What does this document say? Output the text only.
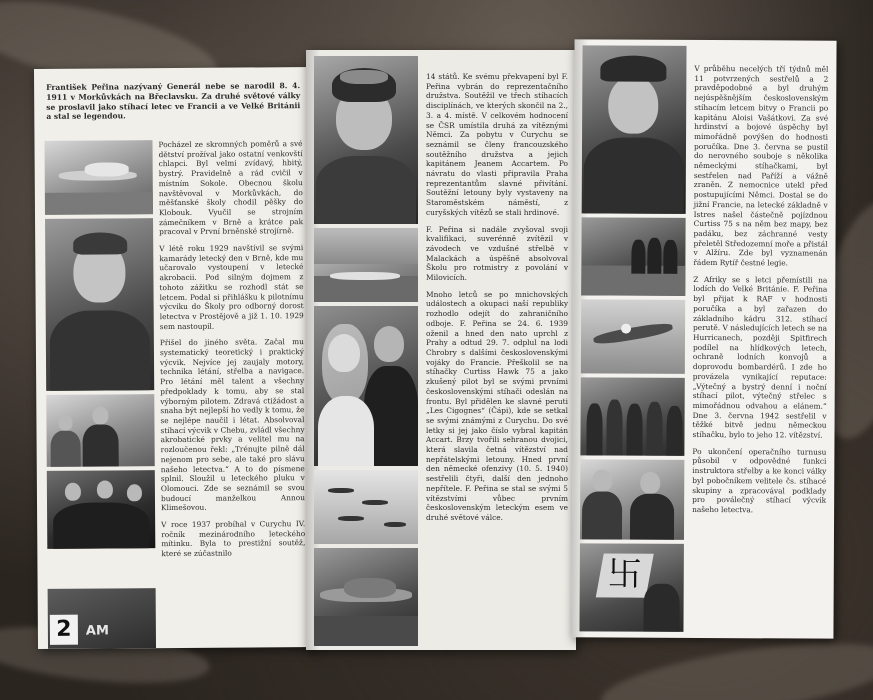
František Peřina nazývaný Generál nebe se narodil 8. 4. 1911 v Morkůvkách na Břeclavsku. Za druhé světové války se proslavil jako stíhací letec ve Francii a ve Velké Británii a stal se legendou.
2	AM

Pocházel ze skromných poměrů a své dětství prožíval jako ostatní venkovští chlapci. Byl velmi zvídavý, hbitý, bystrý. Pravidelně a rád cvičil v místním Sokole. Obecnou školu navštěvoval v Morkůvkách, do měšťanské školy chodil pěšky do Klobouk. Vyučil se strojním zámečníkem v Brně a krátce pak pracoval v První brněnské strojírně.

V létě roku 1929 navštívil se svými kamarády letecký den v Brně, kde mu učarovalo vystoupení v letecké akrobacii. Pod silným dojmem z tohoto zážitku se rozhodl stát se letcem. Podal si přihlášku k pilotnímu výcviku do Školy pro odborný dorost letectva v Prostějově a již 1. 10. 1929 sem nastoupil.

Přišel do jiného světa. Začal mu systematický teoretický i praktický výcvik. Nejvíce jej zaujaly motory, technika létání, střelba a navigace. Pro létání měl talent a všechny předpoklady k tomu, aby se stal výborným pilotem. Zdravá ctižádost a snaha být nejlepší ho vedly k tomu, že se nejlépe naučil i létat. Absolvoval stíhací výcvik v Chebu, zvládl všechny akrobatické prvky a velitel mu na rozloučenou řekl: „Trénujte pilně dál nejenom pro sebe, ale také pro slávu našeho letectva.“ A to do písmene splnil. Sloužil u leteckého pluku v Olomouci. Zde se seznámil se svou budoucí manželkou Annou Klimešovou.

V roce 1937 probíhal v Curychu IV. ročník mezinárodního leteckého mítinku. Byla to prestižní soutěž, které se zúčastnilo

14 států. Ke svému překvapení byl F. Peřina vybrán do reprezentačního družstva. Soutěžil ve třech stíhacích disciplínách, ve kterých skončil na 2., 3. a 4. místě. V celkovém hodnocení se ČSR umístila druhá za vítěznými Němci. Za pobytu v Curychu se seznámil se členy francouzského soutěžního družstva a jejich kapitánem Jeanem Accartem. Po návratu do vlasti připravila Praha reprezentantům slavné přivítání. Soutěžní letouny byly vystaveny na Staroměstském náměstí, z curyšských vítězů se stali hrdinové.

F. Peřina si nadále zvyšoval svoji kvalifikaci, suverénně zvítězil v závodech ve vzdušné střelbě v Malackách a úspěšně absolvoval Školu pro rotmistry z povolání v Milovicích.

Mnoho letců se po mnichovských událostech a okupaci naší republiky rozhodlo odejít do zahraničního odboje. F. Peřina se 24. 6. 1939 oženil a hned den nato uprchl z Prahy a odtud 29. 7. odplul na lodi Chrobry s dalšími československými vojáky do Francie. Přeškolil se na stíhačky Curtiss Hawk 75 a jako zkušený pilot byl se svými prvními československými stíhači odeslán na frontu. Byl přidělen ke slavné peruti „Les Cigognes“ (Čápi), kde se setkal se svými známými z Curychu. Do své letky si jej jako číslo vybral kapitán Accart. Brzy tvořili sehranou dvojici, která slavila četná vítězství nad nepřátelskými letouny. Hned první den německé ofenzivy (10. 5. 1940) sestřelili čtyři, další den jednoho nepřítele. F. Peřina se stal se svými 5 vítězstvími vůbec prvním československým leteckým esem ve druhé světové válce.

卐

V průběhu necelých tří týdnů měl 11 potvrzených sestřelů a 2 pravděpodobné a byl druhým nejúspěšnějším československým stíhacím letcem bitvy o Francii po kapitánu Aloisi Vašátkovi. Za své hrdinství a bojové úspěchy byl mimořádně povýšen do hodnosti poručíka. Dne 3. června se pustil do nerovného souboje s několika německými stíhačkami, byl sestřelen nad Paříží a vážně zraněn. Z nemocnice utekl před postupujícími Němci. Dostal se do jižní Francie, na letecké základně v Istres našel částečně pojízdnou Curtiss 75 s na něm bez mapy, bez padáku, bez záchranné vesty přeletěl Středozemní moře a přistál v Alžíru. Zde byl vyznamenán řádem Rytíř čestné legie.

Z Afriky se s letci přemístili na lodích do Velké Británie. F. Peřina byl přijat k RAF v hodnosti poručíka a byl zařazen do základního kádru 312. stíhací perutě. V následujících letech se na Hurricanech, později Spitfirech podílel na hlídkových letech, ochraně lodních konvojů a doprovodu bombardérů. I zde ho provázela vynikající reputace: „Výtečný a bystrý denní i noční stíhací pilot, výtečný střelec s mimořádnou odvahou a elánem.“ Dne 3. června 1942 sestřelil v těžké bitvě jednu německou stíhačku, bylo to jeho 12. vítězství.

Po ukončení operačního turnusu působil v odpovědné funkci instruktora střelby a ke konci války byl pobočníkem velitele čs. stíhacé skupiny a zpracovával podklady pro poválečný stíhací výcvik našeho letectva.
